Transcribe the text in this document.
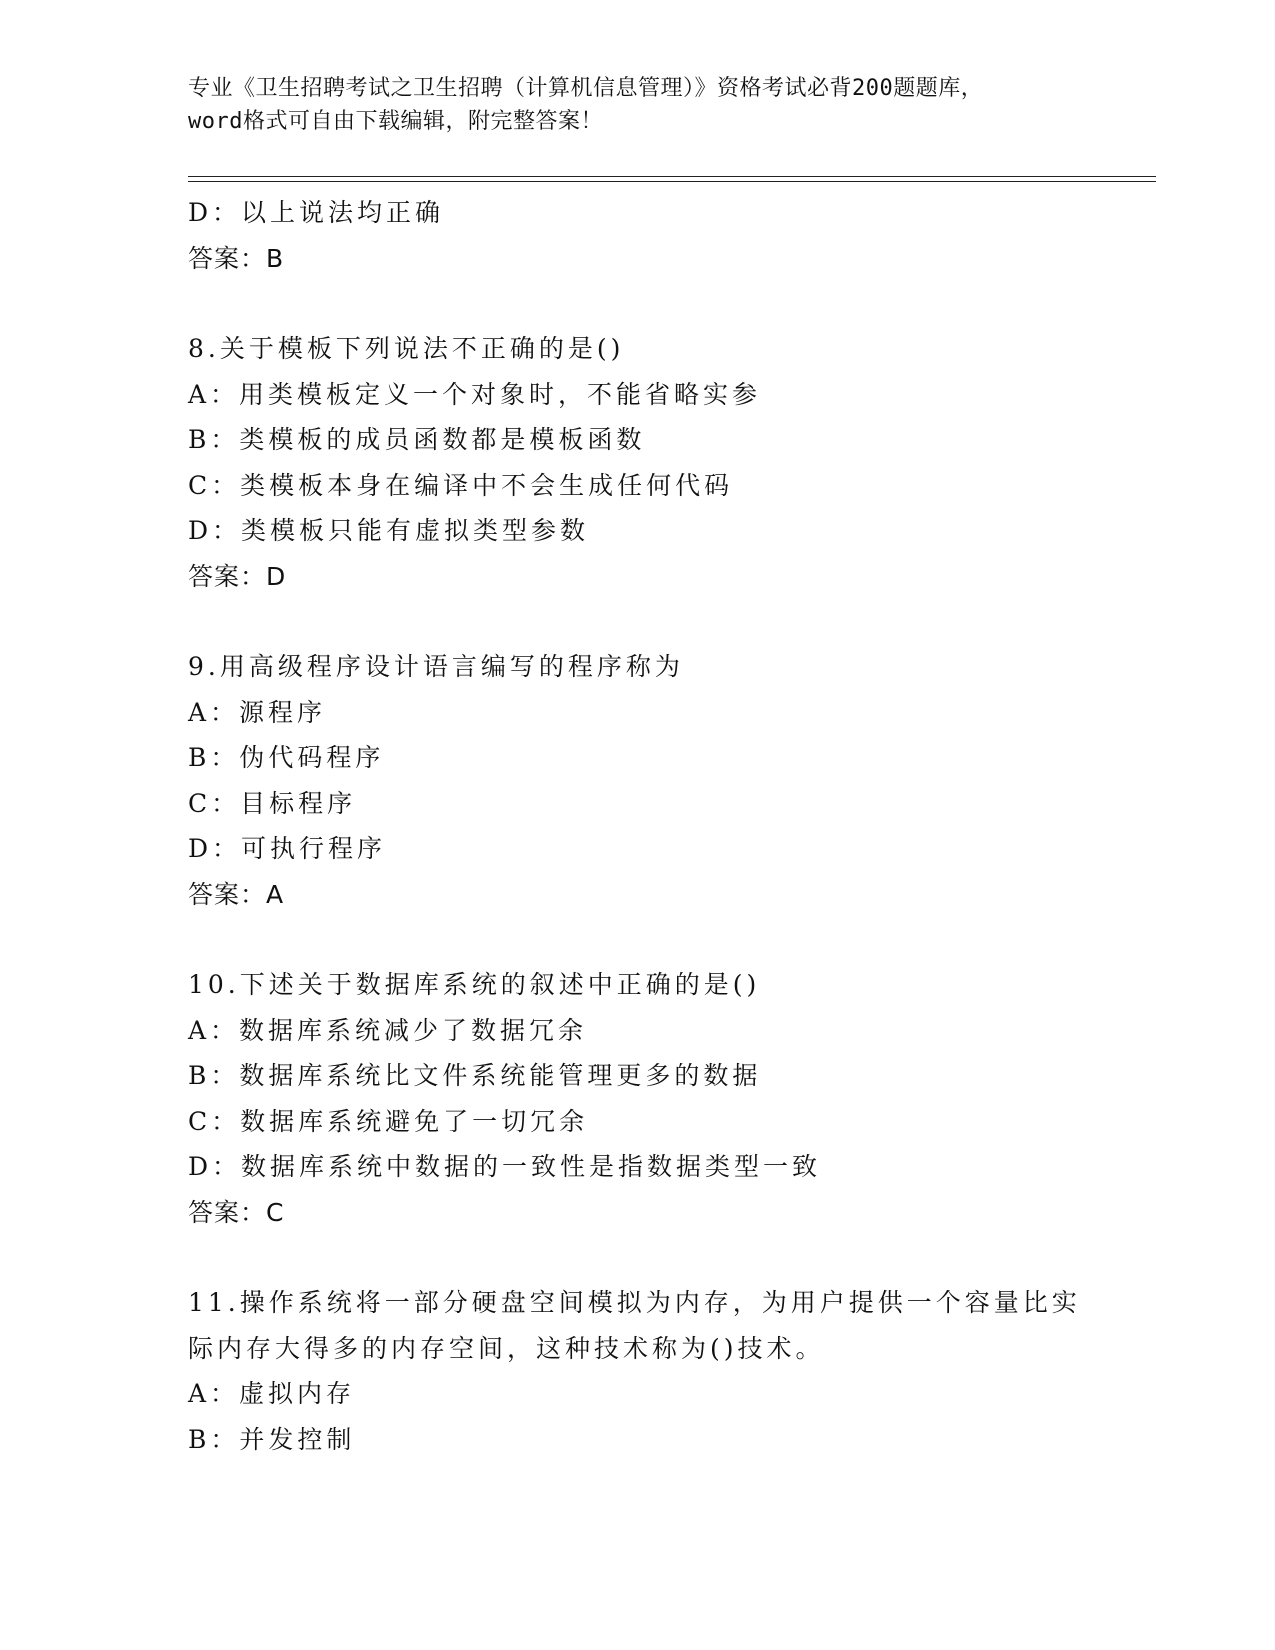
专业《卫生招聘考试之卫生招聘（计算机信息管理）》资格考试必背200题题库，
word格式可自由下载编辑，附完整答案！
D：以上说法均正确
答案：B
8.关于模板下列说法不正确的是()
A：用类模板定义一个对象时，不能省略实参
B：类模板的成员函数都是模板函数
C：类模板本身在编译中不会生成任何代码
D：类模板只能有虚拟类型参数
答案：D
9.用高级程序设计语言编写的程序称为
A：源程序
B：伪代码程序
C：目标程序
D：可执行程序
答案：A
10.下述关于数据库系统的叙述中正确的是()
A：数据库系统减少了数据冗余
B：数据库系统比文件系统能管理更多的数据
C：数据库系统避免了一切冗余
D：数据库系统中数据的一致性是指数据类型一致
答案：C
11.操作系统将一部分硬盘空间模拟为内存，为用户提供一个容量比实
际内存大得多的内存空间，这种技术称为()技术。
A：虚拟内存
B：并发控制
